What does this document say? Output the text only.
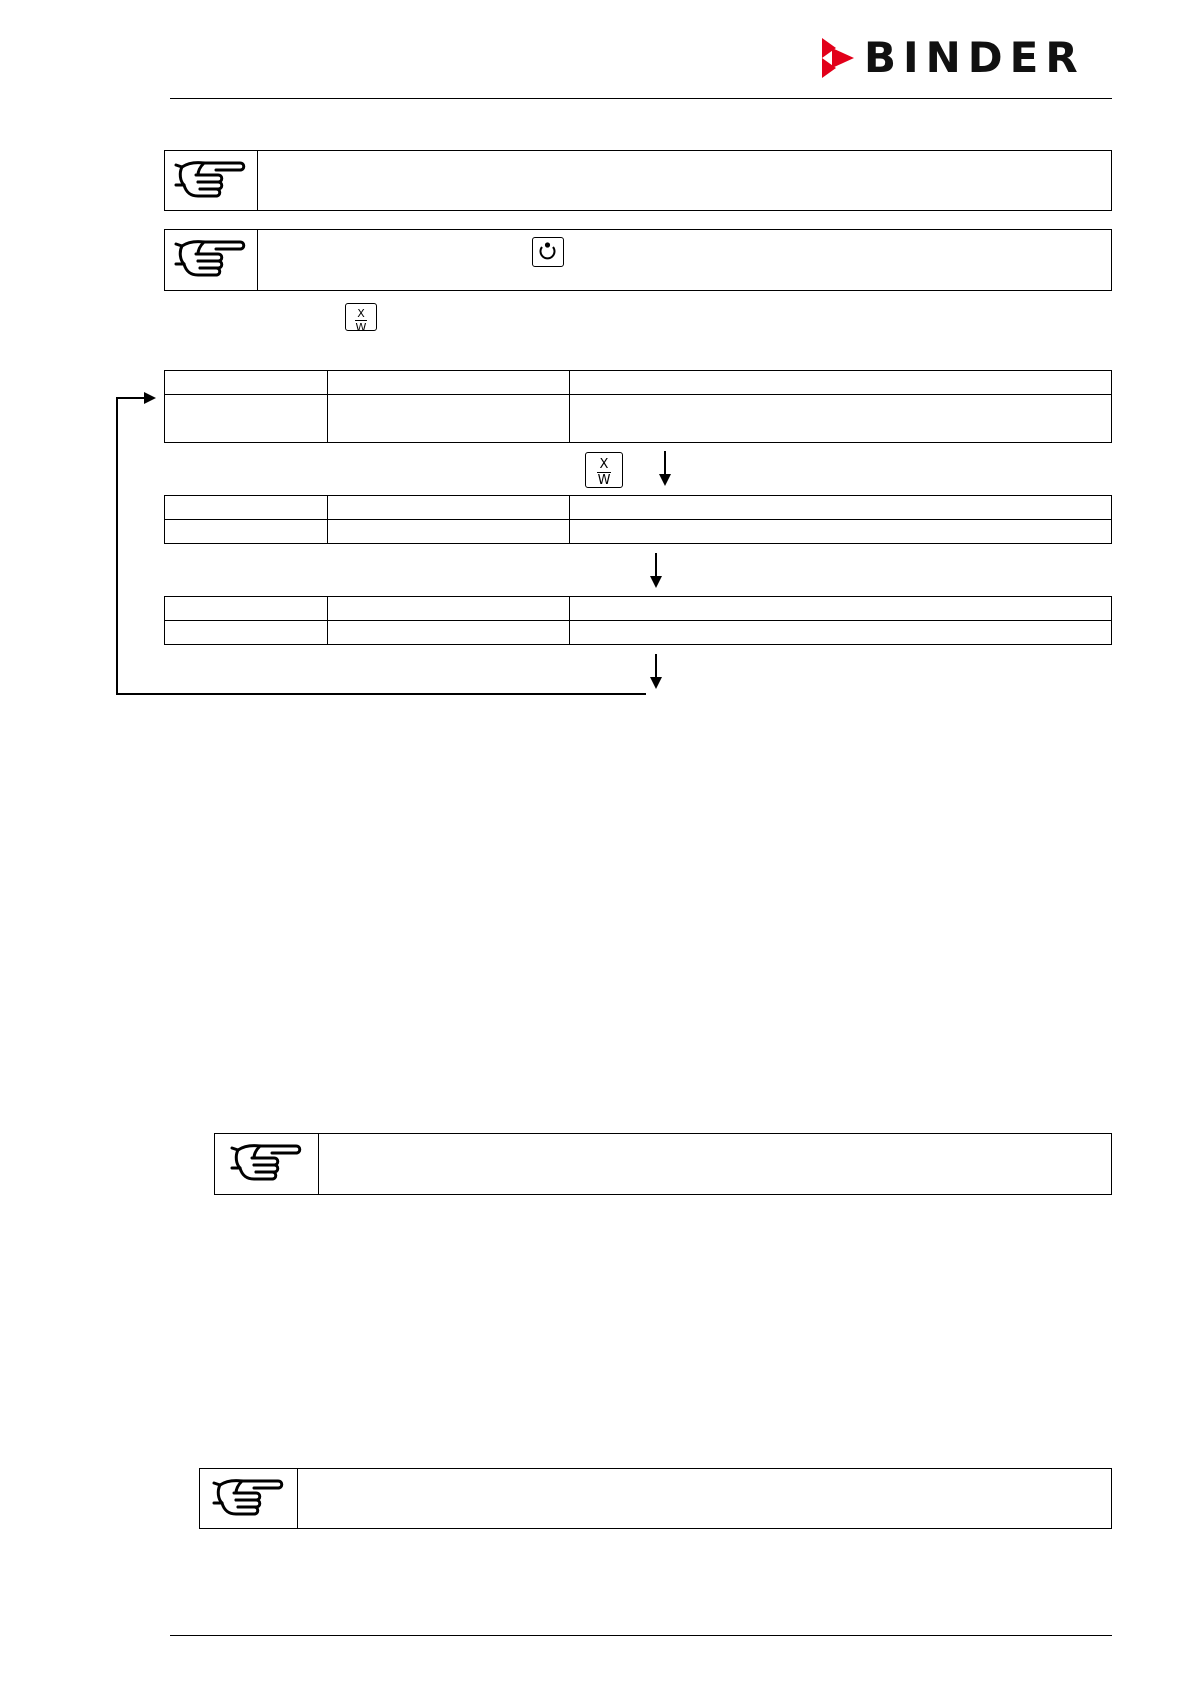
BINDER
X
W

X
W
